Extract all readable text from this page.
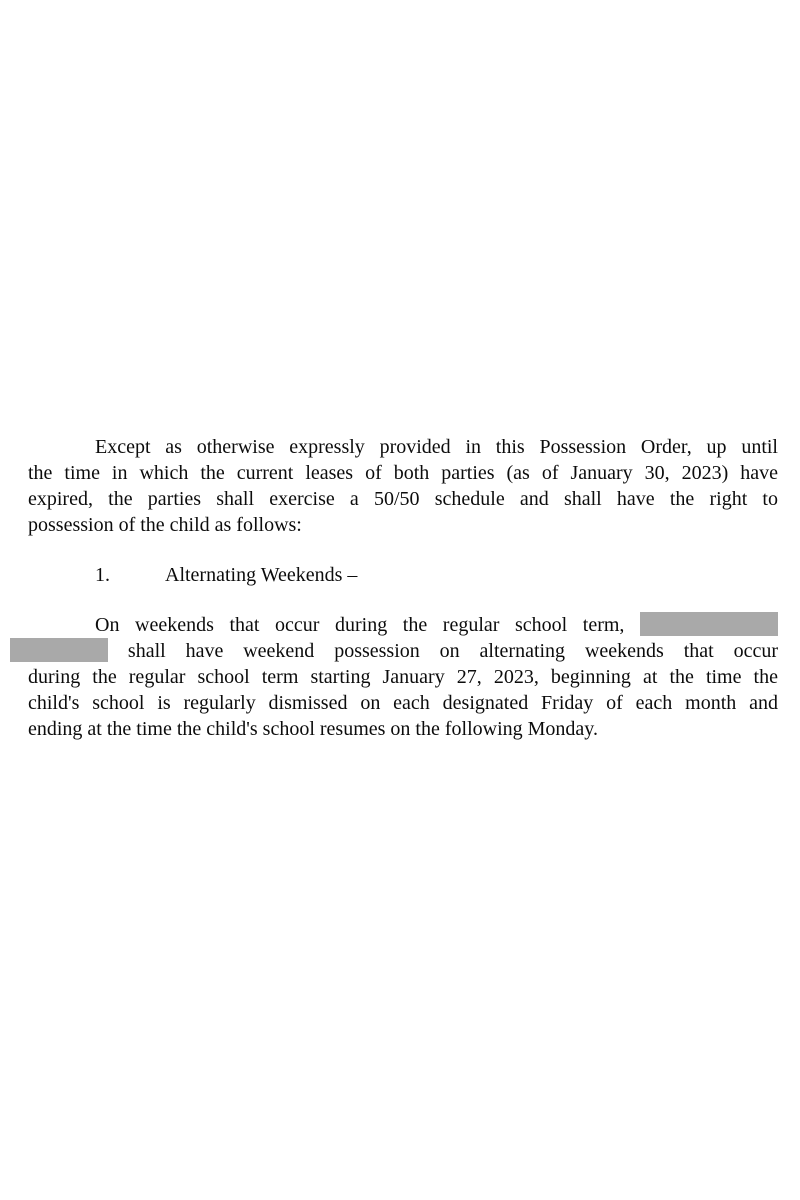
Except as otherwise expressly provided in this Possession Order, up until
the time in which the current leases of both parties (as of January 30, 2023) have
expired, the parties shall exercise a 50/50 schedule and shall have the right to
possession of the child as follows:

1.	Alternating Weekends –

On weekends that occur during the regular school term,
shall have weekend possession on alternating weekends that occur
during the regular school term starting January 27, 2023, beginning at the time the
child's school is regularly dismissed on each designated Friday of each month and
ending at the time the child's school resumes on the following Monday.
